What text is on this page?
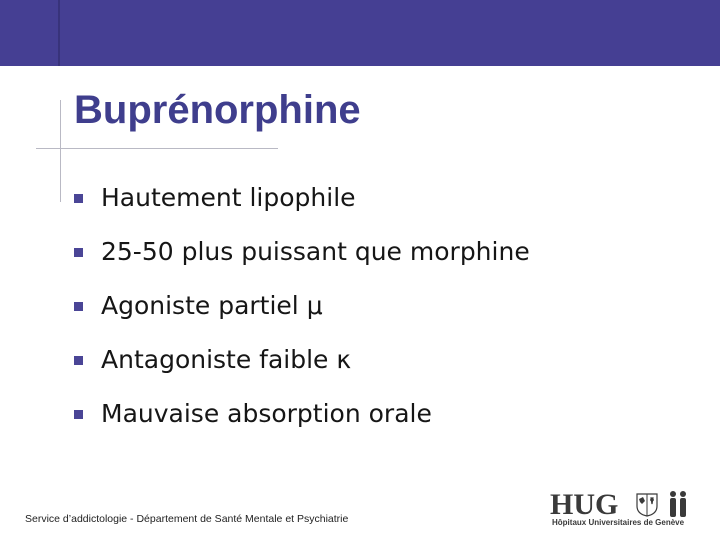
Buprénorphine
Hautement lipophile
25-50 plus puissant que morphine
Agoniste partiel μ
Antagoniste faible κ
Mauvaise absorption orale
Service d’addictologie - Département de Santé Mentale et Psychiatrie	HUG
Hôpitaux Universitaires de Genève
